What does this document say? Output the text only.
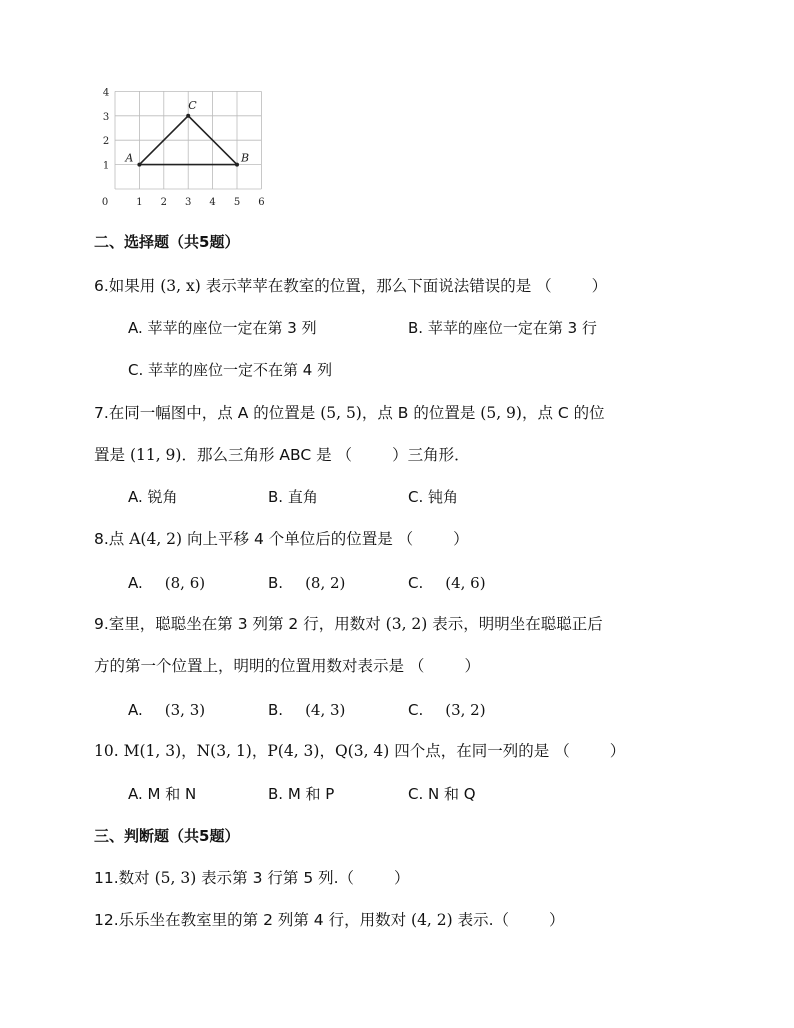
1 2 3 4 5 6
4
3
2
1
0
A
C
B
二、选择题（共5题）
6.如果用 (3, x) 表示苹苹在教室的位置，那么下面说法错误的是 （	）
A. 苹苹的座位一定在第 3 列	B. 苹苹的座位一定在第 3 行
C. 苹苹的座位一定不在第 4 列
7.在同一幅图中，点 A 的位置是 (5, 5)，点 B 的位置是 (5, 9)，点 C 的位
置是 (11, 9)．那么三角形 ABC 是 （	）三角形．
A. 锐角	B. 直角	C. 钝角
8.点 A(4, 2) 向上平移 4 个单位后的位置是 （	）
A. (8, 6)	B. (8, 2)	C. (4, 6)
9.室里，聪聪坐在第 3 列第 2 行，用数对 (3, 2) 表示，明明坐在聪聪正后
方的第一个位置上，明明的位置用数对表示是 （	）
A. (3, 3)	B. (4, 3)	C. (3, 2)
10. M(1, 3)，N(3, 1)，P(4, 3)，Q(3, 4) 四个点，在同一列的是 （	）
A. M 和 N	B. M 和 P	C. N 和 Q
三、判断题（共5题）
11.数对 (5, 3) 表示第 3 行第 5 列.（	）
12.乐乐坐在教室里的第 2 列第 4 行，用数对 (4, 2) 表示.（	）
